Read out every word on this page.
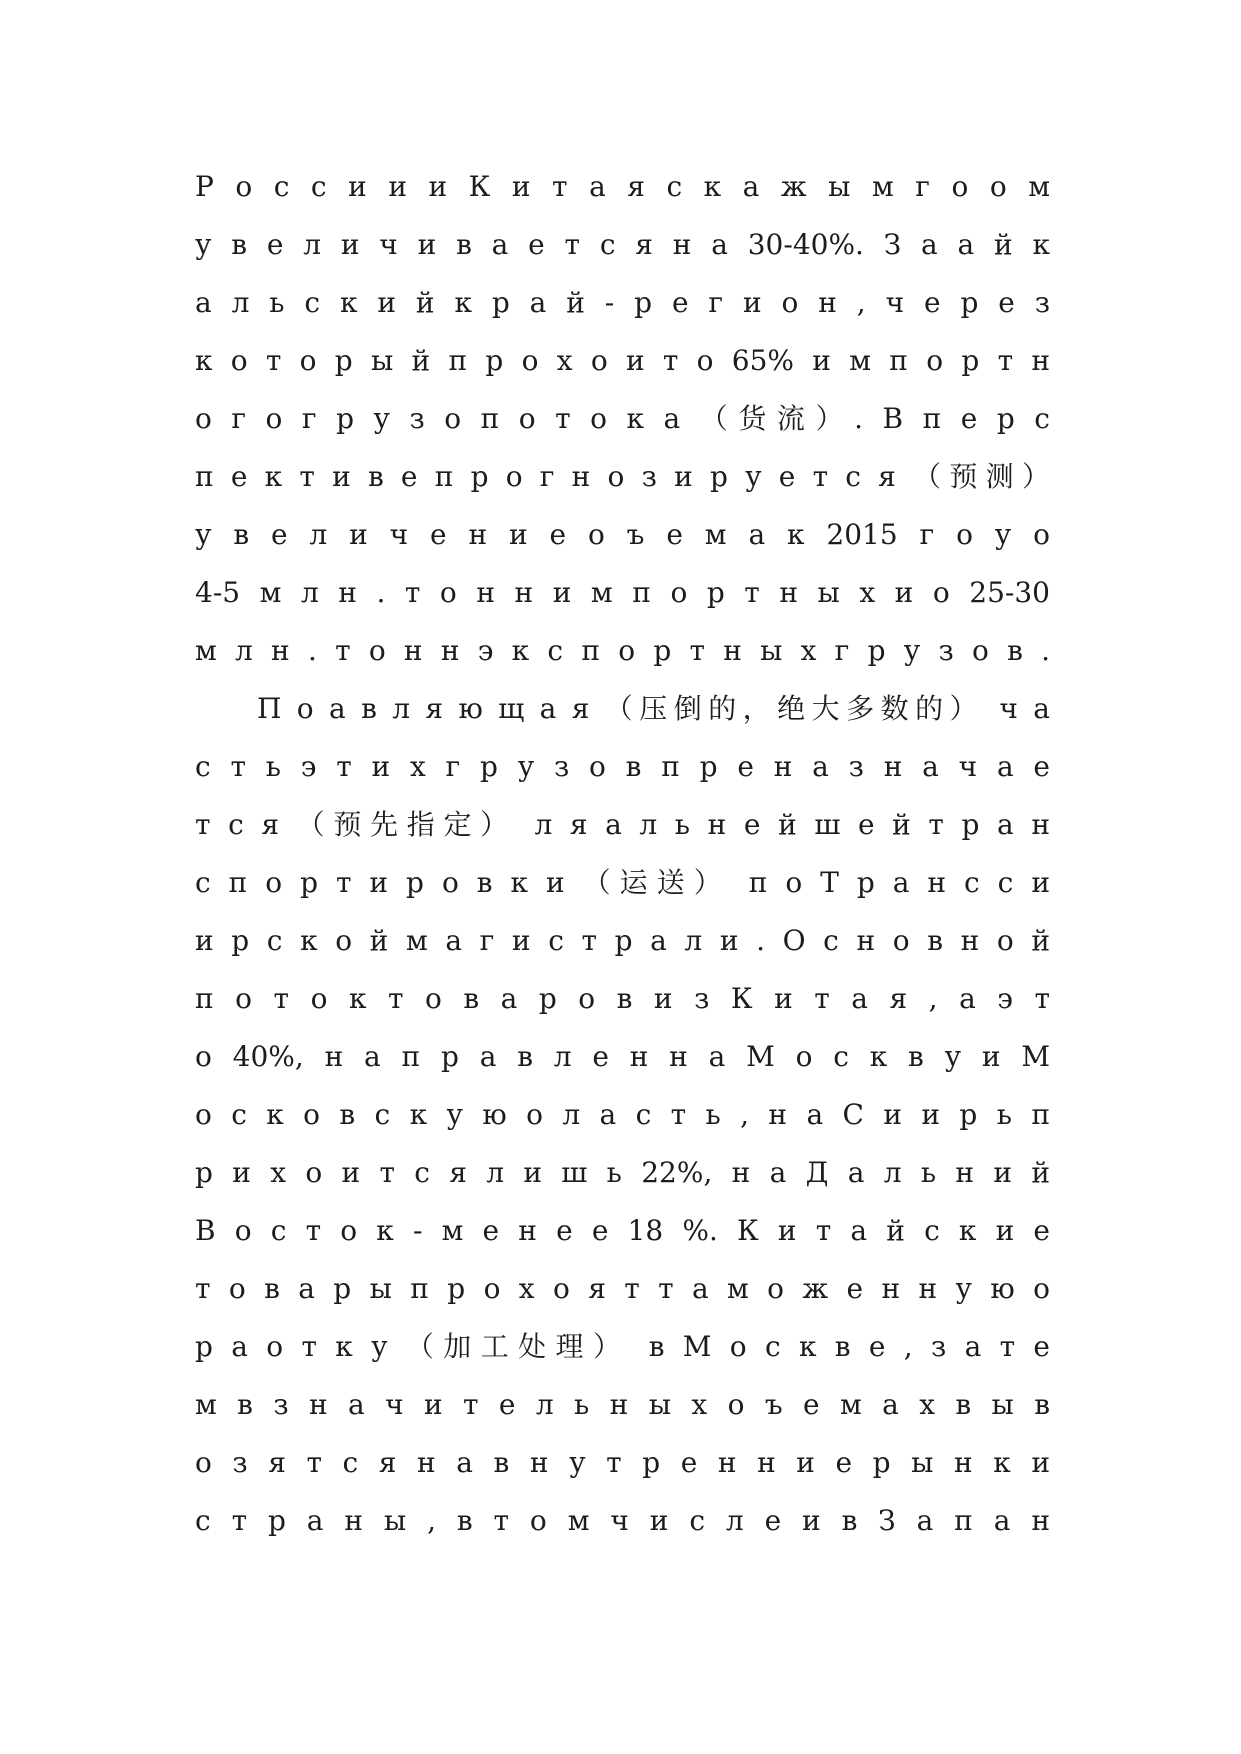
Р о с с и и и К и т а я с к а ж ы м г о о м
у в е л и ч и в а е т с я н а 30-40%. З а а й к
а л ь с к и й к р а й - р е г и о н , ч е р е з
к о т о р ы й п р о х о и т о 65% и м п о р т н
о г о г р у з о п о т о к а （货流）. В п е р с
п е к т и в е п р о г н о з и р у е т с я （预测）
у в е л и ч е н и е о ъ е м а к 2015 г о у о
4-5 м л н . т о н н и м п о р т н ы х и о 25-30
м л н . т о н н э к с п о р т н ы х г р у з о в .
П о а в л я ю щ а я （压倒的，绝大多数的） ч а
с т ь э т и х г р у з о в п р е н а з н а ч а е
т с я （预先指定） л я а л ь н е й ш е й т р а н
с п о р т и р о в к и （运送） п о Т р а н с с и
и р с к о й м а г и с т р а л и . О с н о в н о й
п о т о к т о в а р о в и з К и т а я , а э т
о 40%, н а п р а в л е н н а М о с к в у и М
о с к о в с к у ю о л а с т ь , н а С и и р ь п
р и х о и т с я л и ш ь 22%, н а Д а л ь н и й
В о с т о к - м е н е е 18 %. К и т а й с к и е
т о в а р ы п р о х о я т т а м о ж е н н у ю о
р а о т к у （加工处理） в М о с к в е , з а т е
м в з н а ч и т е л ь н ы х о ъ е м а х в ы в
о з я т с я н а в н у т р е н н и е р ы н к и
с т р а н ы , в т о м ч и с л е и в З а п а н
